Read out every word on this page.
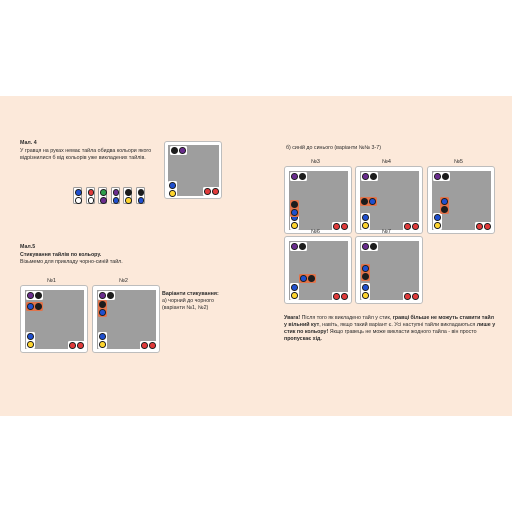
Мал. 4
У гравця на руках немає тайла обидва кольори якого відрізнилися б від кольорів уже викладених тайлів.
Мал.5
Стикування тайлів по кольору.
Візьмемо для прикладу чорно-синій тайл.
№1	№2
Варіанти стикування:
а) чорний до чорного
(варіанти №1, №2)
б) синій до синього (варіанти №№ 3-7)
№3	№4	№5
№6	№7
Увага! Після того як викладено тайл у стик, гравці більше не можуть ставити тайл у вільний кут, навіть, якщо такий варіант є. Усі наступні тайли викладаються лише у стик по кольору! Якщо гравець не може викласти жодного тайла - він просто пропускає хід.
